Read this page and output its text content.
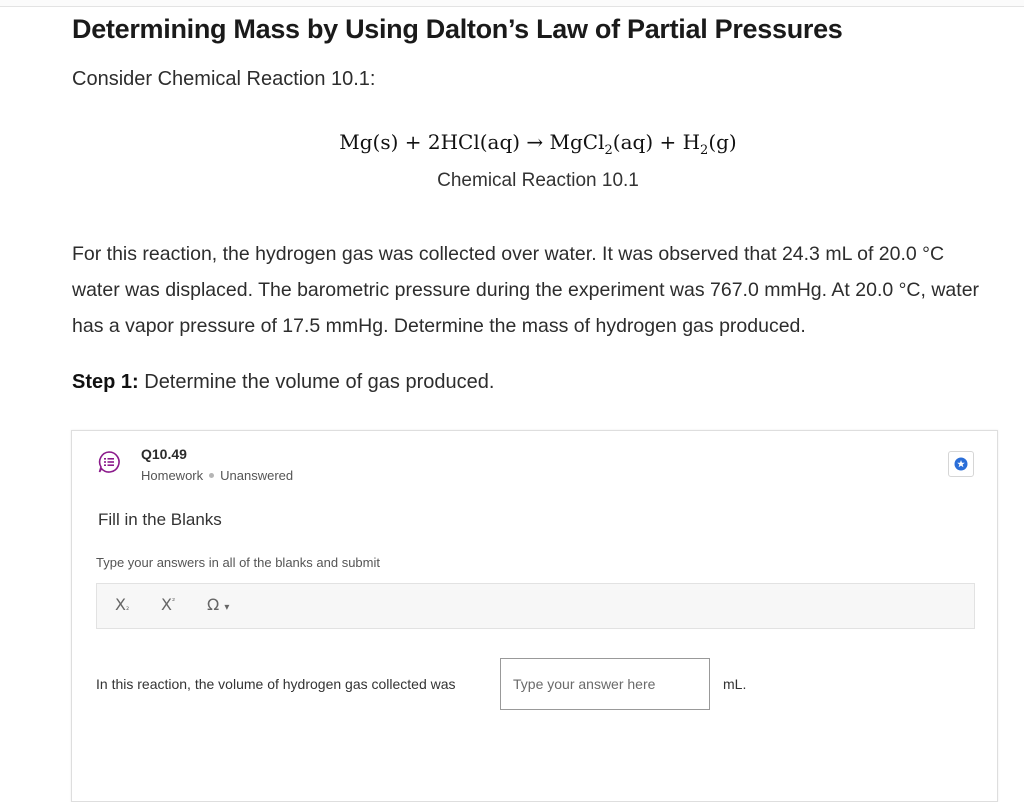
Determining Mass by Using Dalton’s Law of Partial Pressures
Consider Chemical Reaction 10.1:
Mg(s) + 2HCl(aq) → MgCl$_2$(aq) + $H_2(g)$
Chemical Reaction 10.1
For this reaction, the hydrogen gas was collected over water. It was observed that 24.3 mL of 20.0 °C water was displaced. The barometric pressure during the experiment was 767.0 mmHg. At 20.0 °C, water has a vapor pressure of 17.5 mmHg. Determine the mass of hydrogen gas produced.
Step 1: Determine the volume of gas produced.
Q10.49
Homework Unanswered
Fill in the Blanks
Type your answers in all of the blanks and submit
X₂ $X^{^2}$ Ω ▾
In this reaction, the volume of hydrogen gas collected was
Type your answer here	mL.
